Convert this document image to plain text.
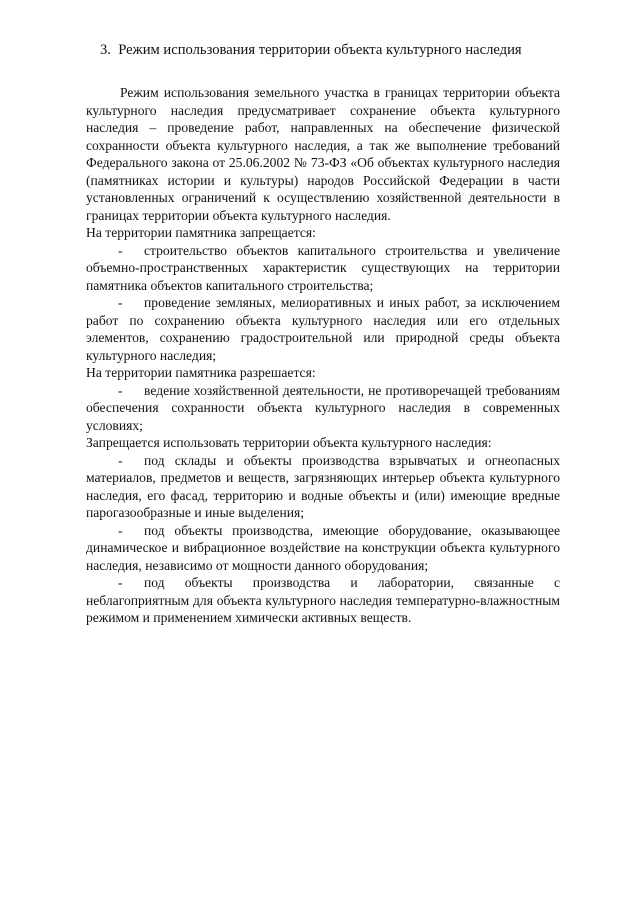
3. Режим использования территории объекта культурного наследия

Режим использования земельного участка в границах территории объекта культурного наследия предусматривает сохранение объекта культурного наследия – проведение работ, направленных на обеспечение физической сохранности объекта культурного наследия, а так же выполнение требований Федерального закона от 25.06.2002 № 73-ФЗ «Об объектах культурного наследия (памятниках истории и культуры) народов Российской Федерации в части установленных ограничений к осуществлению хозяйственной деятельности в границах территории объекта культурного наследия.

На территории памятника запрещается:

- строительство объектов капитального строительства и увеличение объемно-пространственных характеристик существующих на территории памятника объектов капитального строительства;

- проведение земляных, мелиоративных и иных работ, за исключением работ по сохранению объекта культурного наследия или его отдельных элементов, сохранению градостроительной или природной среды объекта культурного наследия;

На территории памятника разрешается:

- ведение хозяйственной деятельности, не противоречащей требованиям обеспечения сохранности объекта культурного наследия в современных условиях;

Запрещается использовать территории объекта культурного наследия:

- под склады и объекты производства взрывчатых и огнеопасных материалов, предметов и веществ, загрязняющих интерьер объекта культурного наследия, его фасад, территорию и водные объекты и (или) имеющие вредные парогазообразные и иные выделения;

- под объекты производства, имеющие оборудование, оказывающее динамическое и вибрационное воздействие на конструкции объекта культурного наследия, независимо от мощности данного оборудования;

- под объекты производства и лаборатории, связанные с неблагоприятным для объекта культурного наследия температурно-влажностным режимом и применением химически активных веществ.
